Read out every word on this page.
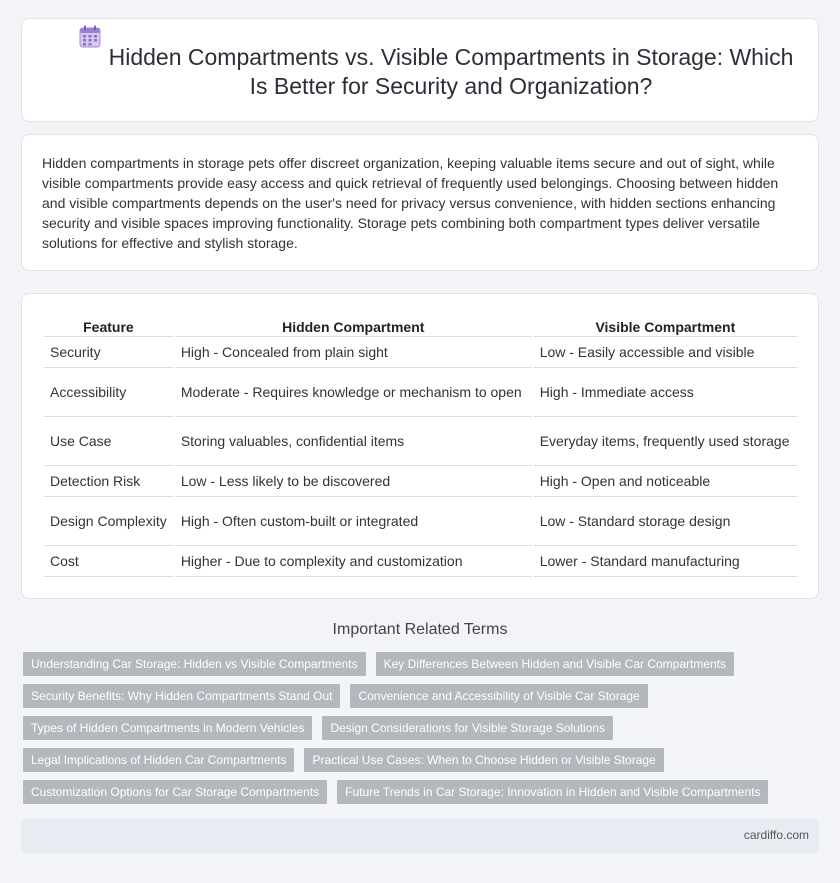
Hidden Compartments vs. Visible Compartments in Storage: Which Is Better for Security and Organization?

Hidden compartments in storage pets offer discreet organization, keeping valuable items secure and out of sight, while visible compartments provide easy access and quick retrieval of frequently used belongings. Choosing between hidden and visible compartments depends on the user's need for privacy versus convenience, with hidden sections enhancing security and visible spaces improving functionality. Storage pets combining both compartment types deliver versatile solutions for effective and stylish storage.

Feature	Hidden Compartment	Visible Compartment
Security	High - Concealed from plain sight	Low - Easily accessible and visible
Accessibility	Moderate - Requires knowledge or mechanism to open	High - Immediate access
Use Case	Storing valuables, confidential items	Everyday items, frequently used storage
Detection Risk	Low - Less likely to be discovered	High - Open and noticeable
Design Complexity	High - Often custom-built or integrated	Low - Standard storage design
Cost	Higher - Due to complexity and customization	Lower - Standard manufacturing
Important Related Terms
Understanding Car Storage: Hidden vs Visible Compartments Key Differences Between Hidden and Visible Car Compartments
Security Benefits: Why Hidden Compartments Stand Out Convenience and Accessibility of Visible Car Storage
Types of Hidden Compartments in Modern Vehicles Design Considerations for Visible Storage Solutions
Legal Implications of Hidden Car Compartments Practical Use Cases: When to Choose Hidden or Visible Storage
Customization Options for Car Storage Compartments Future Trends in Car Storage: Innovation in Hidden and Visible Compartments
cardiffo.com
